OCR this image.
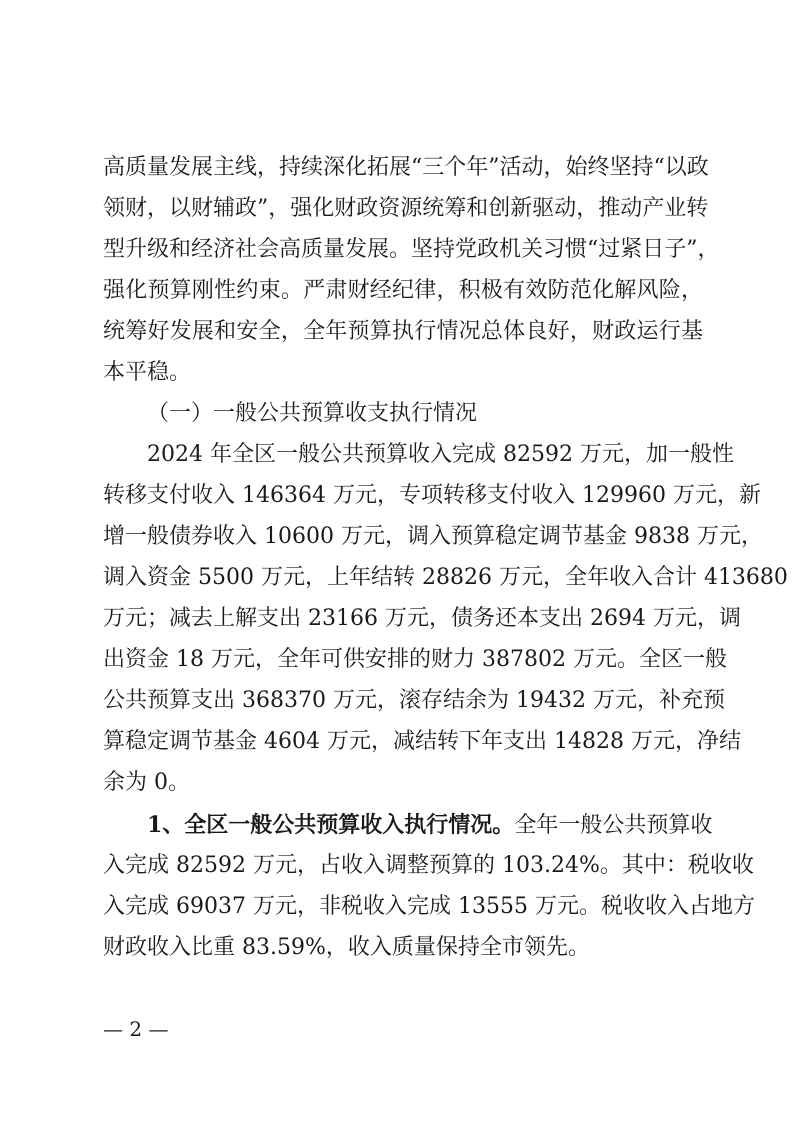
高质量发展主线，持续深化拓展“三个年”活动，始终坚持“以政
领财，以财辅政”，强化财政资源统筹和创新驱动，推动产业转
型升级和经济社会高质量发展。坚持党政机关习惯“过紧日子”，
强化预算刚性约束。严肃财经纪律，积极有效防范化解风险，
统筹好发展和安全，全年预算执行情况总体良好，财政运行基
本平稳。
（一）一般公共预算收支执行情况
2024 年全区一般公共预算收入完成 82592 万元，加一般性
转移支付收入 146364 万元，专项转移支付收入 129960 万元，新
增一般债券收入 10600 万元，调入预算稳定调节基金 9838 万元，
调入资金 5500 万元，上年结转 28826 万元，全年收入合计 413680
万元；减去上解支出 23166 万元，债务还本支出 2694 万元，调
出资金 18 万元，全年可供安排的财力 387802 万元。全区一般
公共预算支出 368370 万元，滚存结余为 19432 万元，补充预
算稳定调节基金 4604 万元，减结转下年支出 14828 万元，净结
余为 0。
1、全区一般公共预算收入执行情况。全年一般公共预算收
入完成 82592 万元，占收入调整预算的 103.24%。其中：税收收
入完成 69037 万元，非税收入完成 13555 万元。税收收入占地方
财政收入比重 83.59%，收入质量保持全市领先。
— 2 —
